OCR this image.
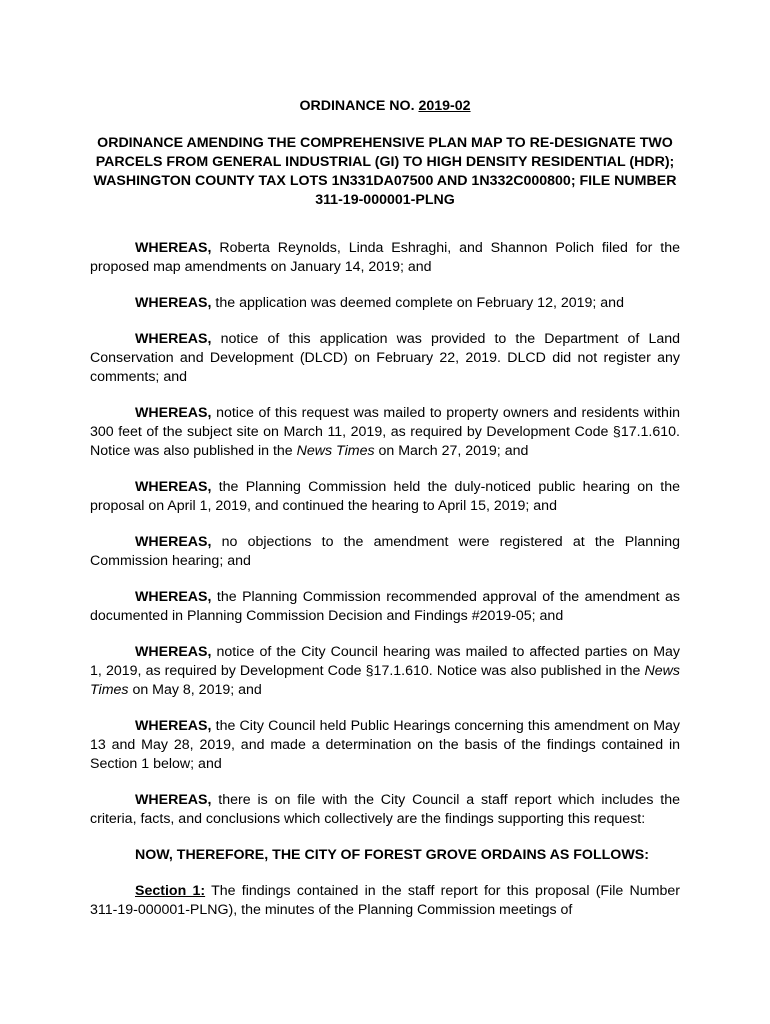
ORDINANCE NO. 2019-02

ORDINANCE AMENDING THE COMPREHENSIVE PLAN MAP TO RE-DESIGNATE TWO PARCELS FROM GENERAL INDUSTRIAL (GI) TO HIGH DENSITY RESIDENTIAL (HDR); WASHINGTON COUNTY TAX LOTS 1N331DA07500 AND 1N332C000800; FILE NUMBER 311-19-000001-PLNG

WHEREAS, Roberta Reynolds, Linda Eshraghi, and Shannon Polich filed for the proposed map amendments on January 14, 2019; and

WHEREAS, the application was deemed complete on February 12, 2019; and

WHEREAS, notice of this application was provided to the Department of Land Conservation and Development (DLCD) on February 22, 2019. DLCD did not register any comments; and

WHEREAS, notice of this request was mailed to property owners and residents within 300 feet of the subject site on March 11, 2019, as required by Development Code §17.1.610. Notice was also published in the News Times on March 27, 2019; and

WHEREAS, the Planning Commission held the duly-noticed public hearing on the proposal on April 1, 2019, and continued the hearing to April 15, 2019; and

WHEREAS, no objections to the amendment were registered at the Planning Commission hearing; and

WHEREAS, the Planning Commission recommended approval of the amendment as documented in Planning Commission Decision and Findings #2019-05; and

WHEREAS, notice of the City Council hearing was mailed to affected parties on May 1, 2019, as required by Development Code §17.1.610. Notice was also published in the News Times on May 8, 2019; and

WHEREAS, the City Council held Public Hearings concerning this amendment on May 13 and May 28, 2019, and made a determination on the basis of the findings contained in Section 1 below; and

WHEREAS, there is on file with the City Council a staff report which includes the criteria, facts, and conclusions which collectively are the findings supporting this request:

NOW, THEREFORE, THE CITY OF FOREST GROVE ORDAINS AS FOLLOWS:

Section 1: The findings contained in the staff report for this proposal (File Number 311-19-000001-PLNG), the minutes of the Planning Commission meetings of
